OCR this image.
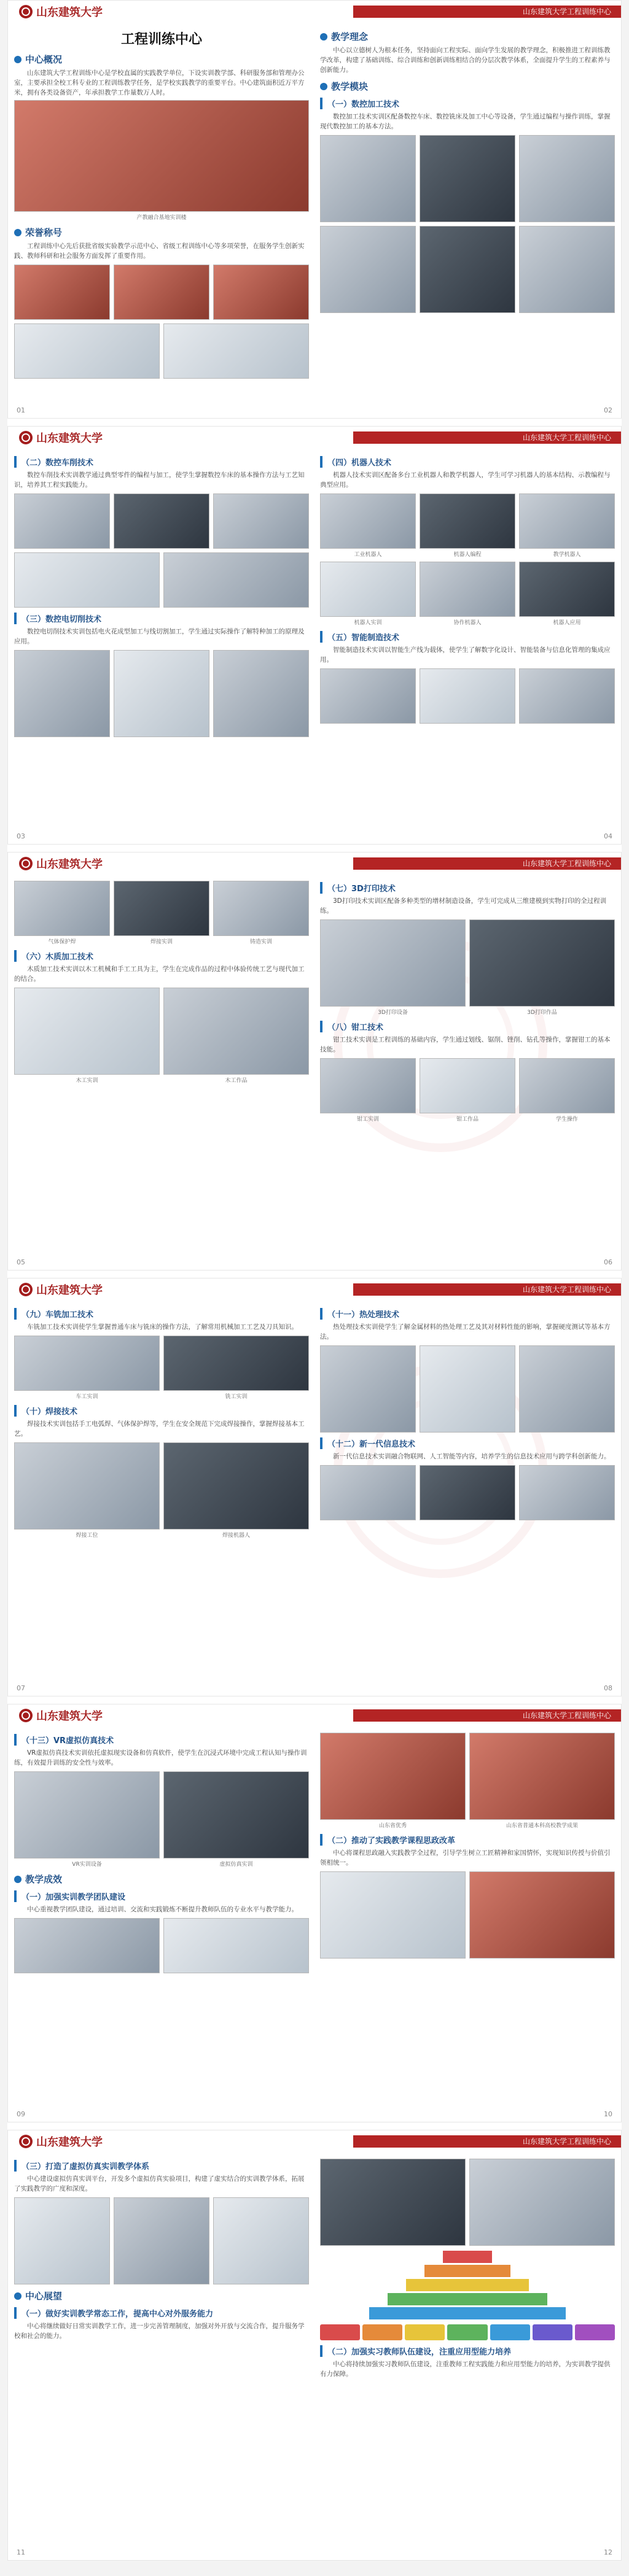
山东建筑大学	山东建筑大学工程训练中心
工程训练中心
中心概况

山东建筑大学工程训练中心是学校直属的实践教学单位，下设实训教学部、科研服务部和管理办公室，主要承担全校工科专业的工程训练教学任务，是学校实践教学的重要平台。中心建筑面积近万平方米，拥有各类设备资产，年承担教学工作量数万人时。

产教融合基地实训楼
荣誉称号

工程训练中心先后获批省级实验教学示范中心、省级工程训练中心等多项荣誉，在服务学生创新实践、教师科研和社会服务方面发挥了重要作用。

教学理念

中心以立德树人为根本任务，坚持面向工程实际、面向学生发展的教学理念，积极推进工程训练教学改革，构建了基础训练、综合训练和创新训练相结合的分层次教学体系，全面提升学生的工程素养与创新能力。

教学模块
（一）数控加工技术

数控加工技术实训区配备数控车床、数控铣床及加工中心等设备，学生通过编程与操作训练，掌握现代数控加工的基本方法。

01	02
山东建筑大学	山东建筑大学工程训练中心
（二）数控车削技术

数控车削技术实训教学通过典型零件的编程与加工，使学生掌握数控车床的基本操作方法与工艺知识，培养其工程实践能力。

（三）数控电切削技术

数控电切削技术实训包括电火花成型加工与线切割加工，学生通过实际操作了解特种加工的原理及应用。

（四）机器人技术

机器人技术实训区配备多台工业机器人和教学机器人，学生可学习机器人的基本结构、示教编程与典型应用。

工业机器人	机器人编程	教学机器人
机器人实训	协作机器人	机器人应用
（五）智能制造技术

智能制造技术实训以智能生产线为载体，使学生了解数字化设计、智能装备与信息化管理的集成应用。

03	04
山东建筑大学	山东建筑大学工程训练中心
气体保护焊	焊接实训	铸造实训
（六）木质加工技术

木质加工技术实训以木工机械和手工工具为主，学生在完成作品的过程中体验传统工艺与现代加工的结合。

木工实训	木工作品
（七）3D打印技术

3D打印技术实训区配备多种类型的增材制造设备，学生可完成从三维建模到实物打印的全过程训练。

3D打印设备	3D打印作品
（八）钳工技术

钳工技术实训是工程训练的基础内容，学生通过划线、锯削、锉削、钻孔等操作，掌握钳工的基本技能。

钳工实训	钳工作品	学生操作
05	06
山东建筑大学	山东建筑大学工程训练中心
（九）车铣加工技术

车铣加工技术实训使学生掌握普通车床与铣床的操作方法，了解常用机械加工工艺及刀具知识。

车工实训	铣工实训
（十）焊接技术

焊接技术实训包括手工电弧焊、气体保护焊等，学生在安全规范下完成焊接操作，掌握焊接基本工艺。

焊接工位	焊接机器人
（十一）热处理技术

热处理技术实训使学生了解金属材料的热处理工艺及其对材料性能的影响，掌握硬度测试等基本方法。

（十二）新一代信息技术

新一代信息技术实训融合物联网、人工智能等内容，培养学生的信息技术应用与跨学科创新能力。

07	08
山东建筑大学	山东建筑大学工程训练中心
（十三）VR虚拟仿真技术

VR虚拟仿真技术实训依托虚拟现实设备和仿真软件，使学生在沉浸式环境中完成工程认知与操作训练，有效提升训练的安全性与效率。

VR实训设备	虚拟仿真实训
教学成效
（一）加强实训教学团队建设

中心重视教学团队建设，通过培训、交流和实践锻炼不断提升教师队伍的专业水平与教学能力。

山东省优秀	山东省普通本科高校教学成果
（二）推动了实践教学课程思政改革

中心将课程思政融入实践教学全过程，引导学生树立工匠精神和家国情怀，实现知识传授与价值引领相统一。

09	10
山东建筑大学	山东建筑大学工程训练中心
（三）打造了虚拟仿真实训教学体系

中心建设虚拟仿真实训平台，开发多个虚拟仿真实验项目，构建了虚实结合的实训教学体系，拓展了实践教学的广度和深度。

中心展望
（一）做好实训教学常态工作，提高中心对外服务能力

中心将继续做好日常实训教学工作，进一步完善管理制度，加强对外开放与交流合作，提升服务学校和社会的能力。

（二）加强实习教师队伍建设，注重应用型能力培养

中心将持续加强实习教师队伍建设，注重教师工程实践能力和应用型能力的培养，为实训教学提供有力保障。

11	12
